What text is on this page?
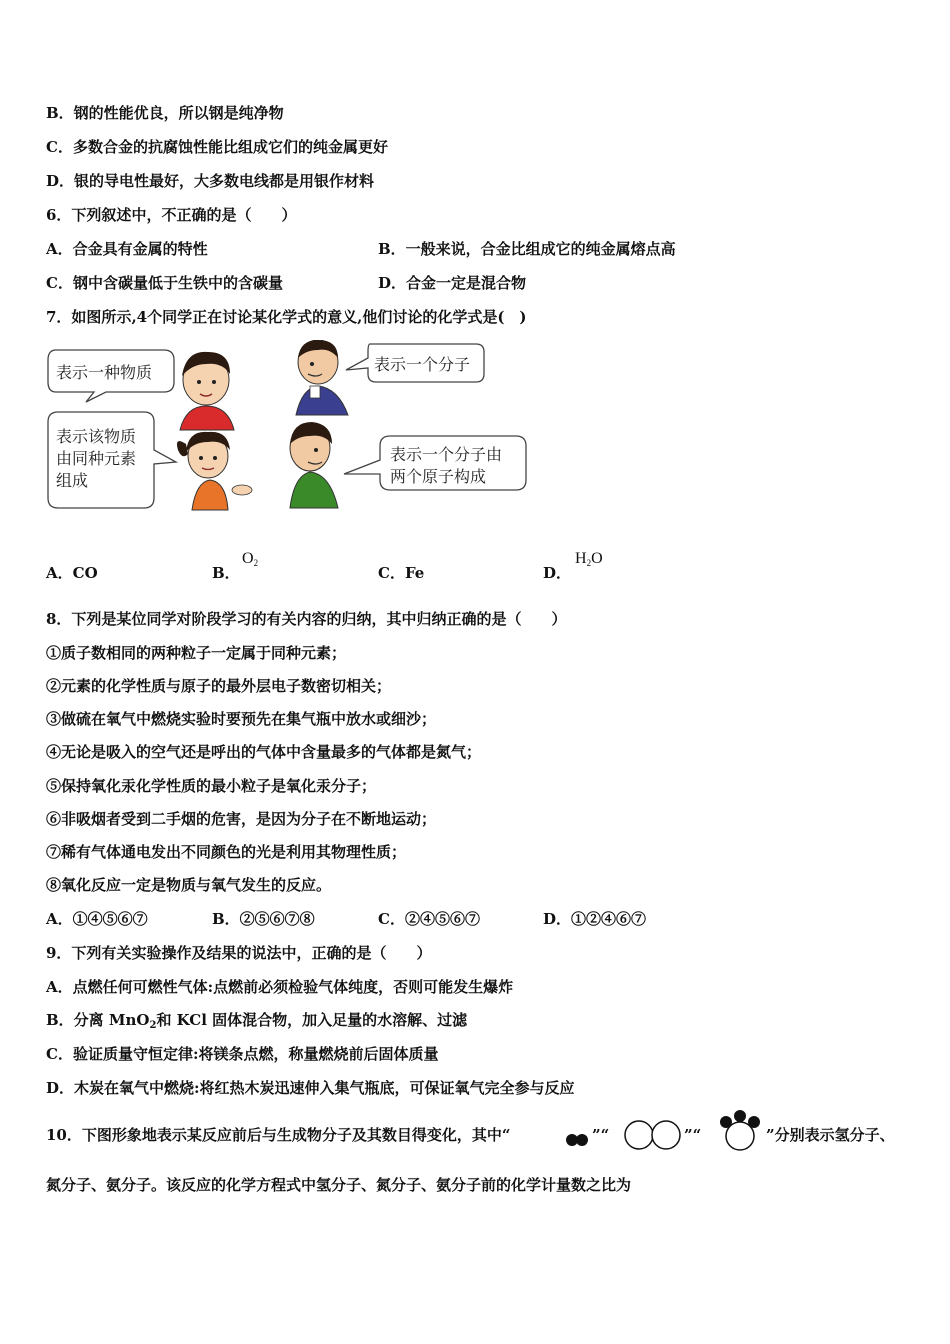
B．钢的性能优良，所以钢是纯净物
C．多数合金的抗腐蚀性能比组成它们的纯金属更好
D．银的导电性最好，大多数电线都是用银作材料
6．下列叙述中，不正确的是（　　）
A．合金具有金属的特性	B．一般来说，合金比组成它的纯金属熔点高
C．钢中含碳量低于生铁中的含碳量	D．合金一定是混合物
7．如图所示,4个同学正在讨论某化学式的意义,他们讨论的化学式是(　)
表示一种物质	表示一个分子
表示该物质
由同种元素
组成
表示一个分子由
两个原子构成
A．CO	B．
$O_2$
C．Fe	D．
$H_2O$
8．下列是某位同学对阶段学习的有关内容的归纳，其中归纳正确的是（　　）
①质子数相同的两种粒子一定属于同种元素；
②元素的化学性质与原子的最外层电子数密切相关；
③做硫在氧气中燃烧实验时要预先在集气瓶中放水或细沙；
④无论是吸入的空气还是呼出的气体中含量最多的气体都是氮气；
⑤保持氧化汞化学性质的最小粒子是氧化汞分子；
⑥非吸烟者受到二手烟的危害，是因为分子在不断地运动；
⑦稀有气体通电发出不同颜色的光是利用其物理性质；
⑧氧化反应一定是物质与氧气发生的反应。
A．①④⑤⑥⑦	B．②⑤⑥⑦⑧	C．②④⑤⑥⑦	D．①②④⑥⑦
9．下列有关实验操作及结果的说法中，正确的是（　　）
A．点燃任何可燃性气体:点燃前必须检验气体纯度，否则可能发生爆炸
B．分离 MnO$_2$和 KCl 固体混合物，加入足量的水溶解、过滤
C．验证质量守恒定律:将镁条点燃，称量燃烧前后固体质量
D．木炭在氧气中燃烧:将红热木炭迅速伸入集气瓶底，可保证氧气完全参与反应
10．下图形象地表示某反应前后与生成物分子及其数目得变化，其中“	”“	”“	”分别表示氢分子、
氮分子、氨分子。该反应的化学方程式中氢分子、氮分子、氨分子前的化学计量数之比为
